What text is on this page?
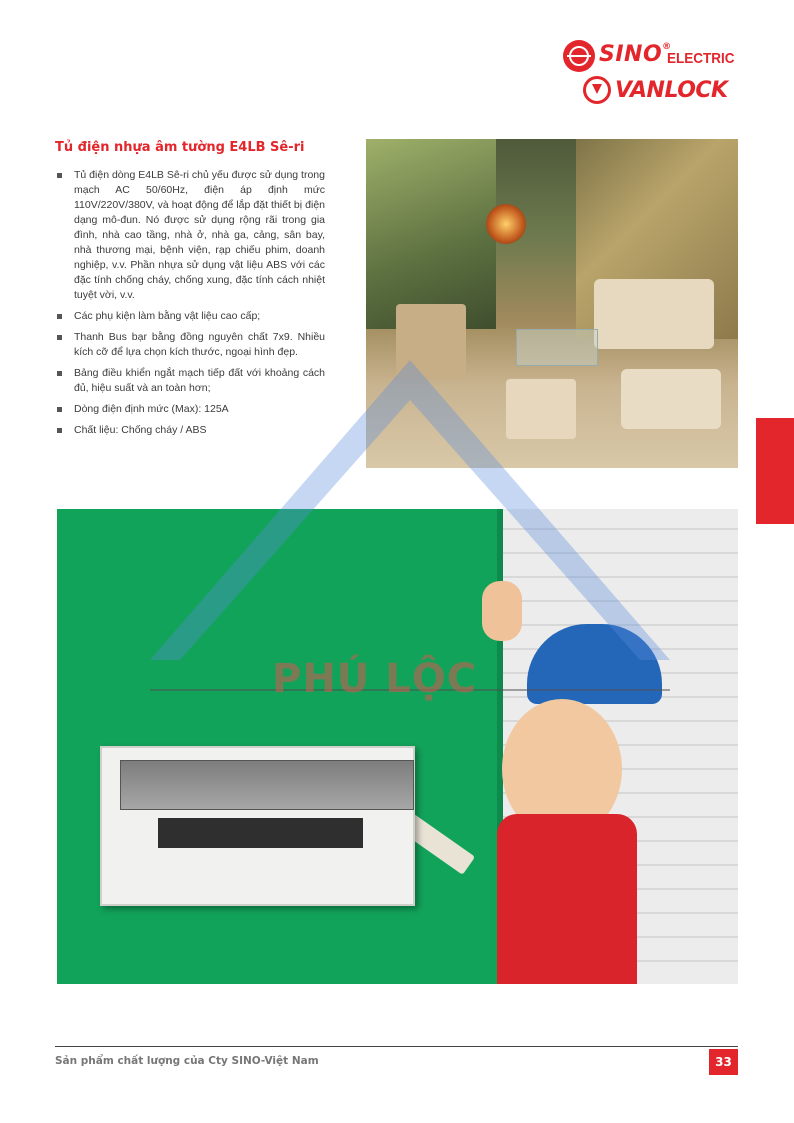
SINO®
ELECTRIC
VANLOCK
Tủ điện nhựa âm tường E4LB Sê-ri
Tủ điện dòng E4LB Sê-ri chủ yếu được sử dụng trong mạch AC 50/60Hz, điện áp định mức 110V/220V/380V, và hoạt động để lắp đặt thiết bị điện dạng mô-đun. Nó được sử dụng rộng rãi trong gia đình, nhà cao tầng, nhà ở, nhà ga, cảng, sân bay, nhà thương mại, bệnh viện, rạp chiếu phim, doanh nghiệp, v.v. Phần nhựa sử dụng vật liệu ABS với các đặc tính chống cháy, chống xung, đặc tính cách nhiệt tuyệt vời, v.v.
Các phụ kiện làm bằng vật liệu cao cấp;
Thanh Bus bạr bằng đồng nguyên chất 7x9. Nhiều kích cỡ để lựa chọn kích thước, ngoại hình đẹp.
Bảng điều khiển ngắt mạch tiếp đất với khoảng cách đủ, hiệu suất và an toàn hơn;
Dòng điện định mức (Max): 125A
Chất liệu: Chống cháy / ABS
PHÚ LỘC
Sản phẩm chất lượng của Cty SINO-Việt Nam	33
